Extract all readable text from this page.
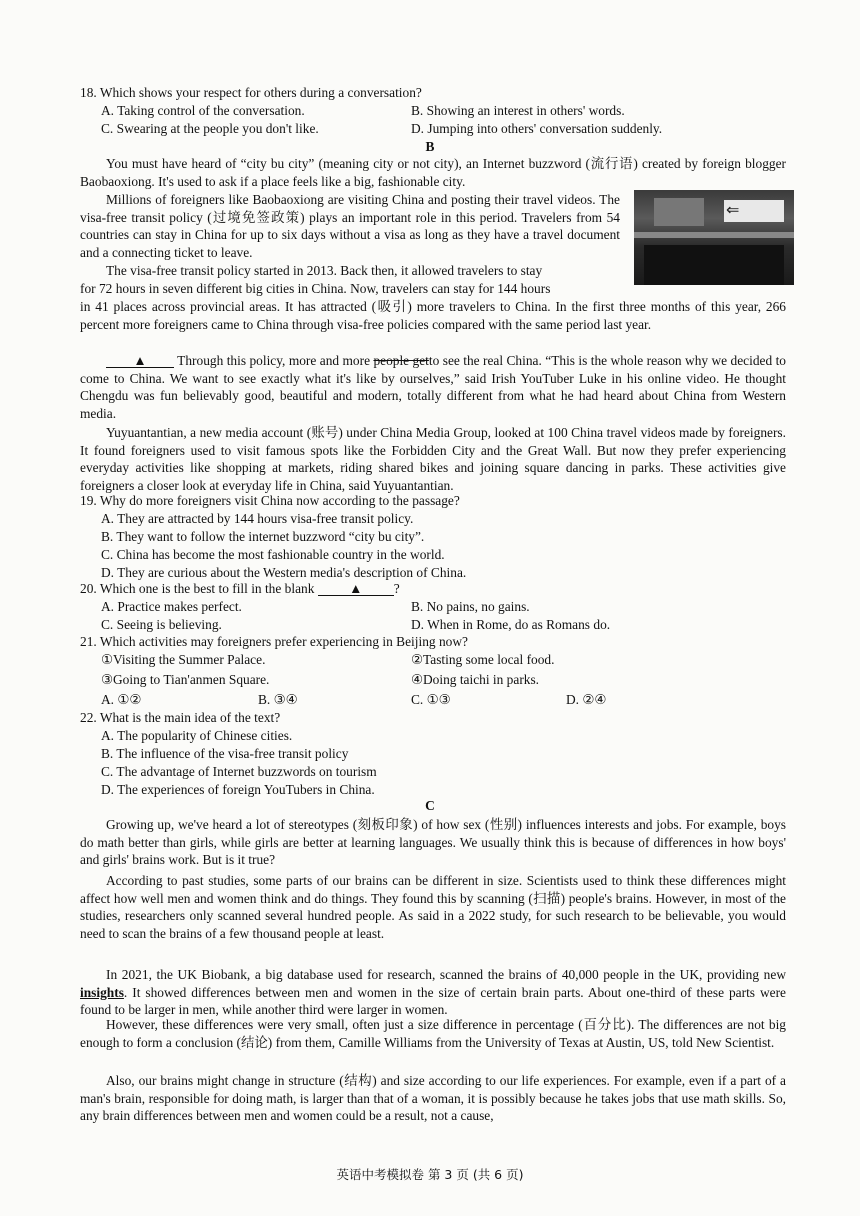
18. Which shows your respect for others during a conversation?
A. Taking control of the conversation.	B. Showing an interest in others' words.
C. Swearing at the people you don't like.	D. Jumping into others' conversation suddenly.
B
You must have heard of “city bu city” (meaning city or not city), an Internet buzzword (流行语) created by foreign blogger Baobaoxiong. It's used to ask if a place feels like a big, fashionable city.
⇐
Millions of foreigners like Baobaoxiong are visiting China and posting their travel videos. The visa-free transit policy (过境免签政策) plays an important role in this period. Travelers from 54 countries can stay in China for up to six days without a visa as long as they have a travel document and a connecting ticket to leave.
The visa-free transit policy started in 2013. Back then, it allowed travelers to stay
for 72 hours in seven different big cities in China. Now, travelers can stay for 144 hours
in 41 places across provincial areas. It has attracted (吸引) more travelers to China. In the first three months of this year, 266 percent more foreigners came to China through visa-free policies compared with the same period last year.
▲ Through this policy, more and more people getto see the real China. “This is the whole reason why we decided to come to China. We want to see exactly what it's like by ourselves,” said Irish YouTuber Luke in his online video. He thought Chengdu was fun believably good, beautiful and modern, totally different from what he had heard about China from Western media.
Yuyuantantian, a new media account (账号) under China Media Group, looked at 100 China travel videos made by foreigners. It found foreigners used to visit famous spots like the Forbidden City and the Great Wall. But now they prefer experiencing everyday activities like shopping at markets, riding shared bikes and joining square dancing in parks. These activities give foreigners a closer look at everyday life in China, said Yuyuantantian.
19. Why do more foreigners visit China now according to the passage?
A. They are attracted by 144 hours visa-free transit policy.
B. They want to follow the internet buzzword “city bu city”.
C. China has become the most fashionable country in the world.
D. They are curious about the Western media's description of China.
20. Which one is the best to fill in the blank	▲ ?
A. Practice makes perfect.	B. No pains, no gains.
C. Seeing is believing.	D. When in Rome, do as Romans do.
21. Which activities may foreigners prefer experiencing in Beijing now?
①Visiting the Summer Palace.	②Tasting some local food.
③Going to Tian'anmen Square.	④Doing taichi in parks.
A. ①②	B. ③④	C. ①③	D. ②④
22. What is the main idea of the text?
A. The popularity of Chinese cities.
B. The influence of the visa-free transit policy
C. The advantage of Internet buzzwords on tourism
D. The experiences of foreign YouTubers in China.
C
Growing up, we've heard a lot of stereotypes (刻板印象) of how sex (性别) influences interests and jobs. For example, boys do math better than girls, while girls are better at learning languages. We usually think this is because of differences in how boys' and girls' brains work. But is it true?
According to past studies, some parts of our brains can be different in size. Scientists used to think these differences might affect how well men and women think and do things. They found this by scanning (扫描) people's brains. However, in most of the studies, researchers only scanned several hundred people. As said in a 2022 study, for such research to be believable, you would need to scan the brains of a few thousand people at least.
In 2021, the UK Biobank, a big database used for research, scanned the brains of 40,000 people in the UK, providing new insights. It showed differences between men and women in the size of certain brain parts. About one-third of these parts were found to be larger in men, while another third were larger in women.
However, these differences were very small, often just a size difference in percentage (百分比). The differences are not big enough to form a conclusion (结论) from them, Camille Williams from the University of Texas at Austin, US, told New Scientist.
Also, our brains might change in structure (结构) and size according to our life experiences. For example, even if a part of a man's brain, responsible for doing math, is larger than that of a woman, it is possibly because he takes jobs that use math skills. So, any brain differences between men and women could be a result, not a cause,
英语中考模拟卷 第 3 页 (共 6 页)
